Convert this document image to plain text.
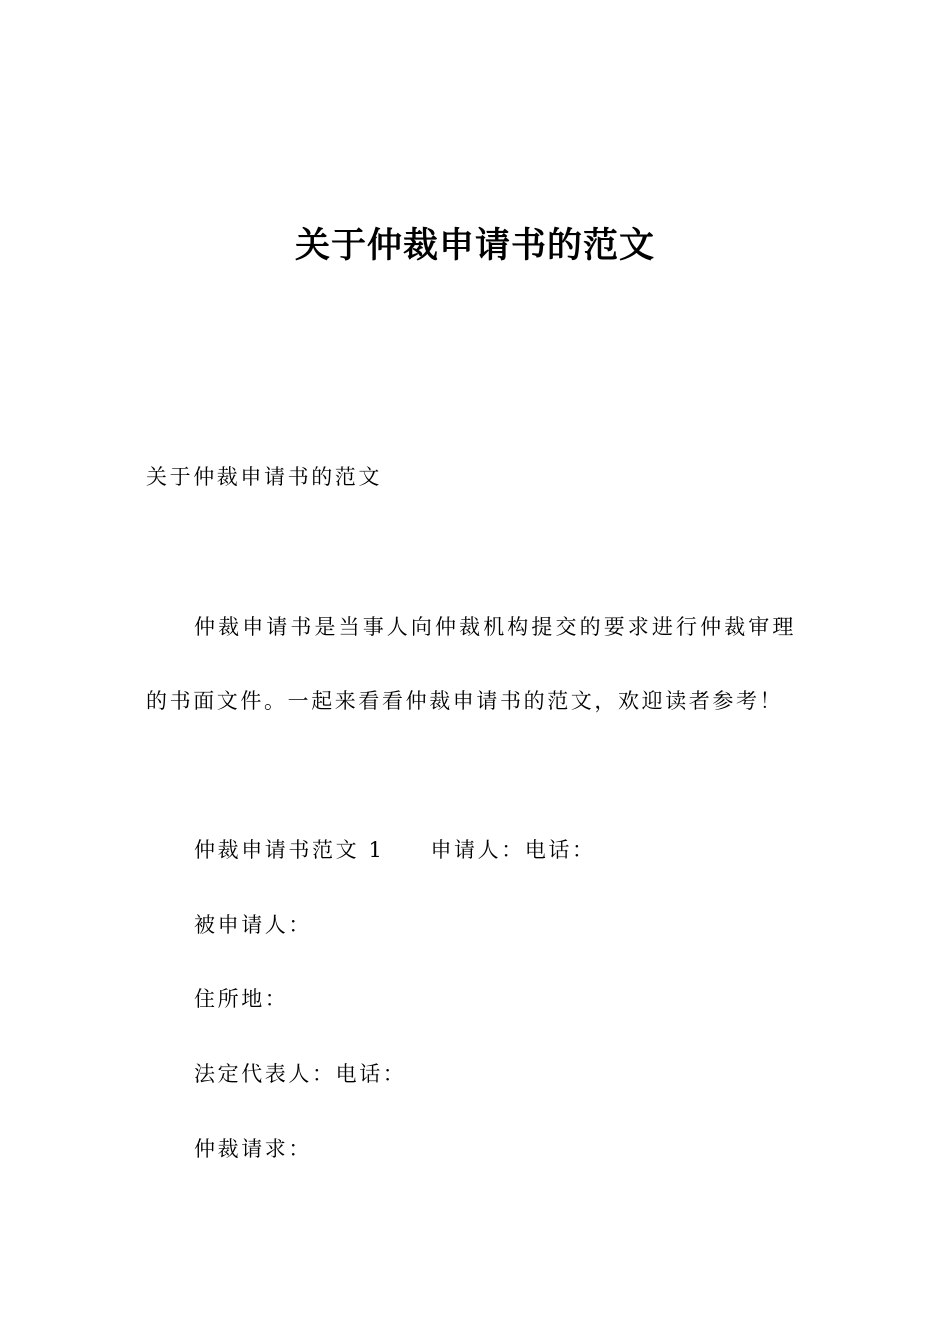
关于仲裁申请书的范文

关于仲裁申请书的范文

仲裁申请书是当事人向仲裁机构提交的要求进行仲裁审理

的书面文件。一起来看看仲裁申请书的范文，欢迎读者参考！

仲裁申请书范文 1 申请人：电话：

被申请人：

住所地：

法定代表人：电话：

仲裁请求：
